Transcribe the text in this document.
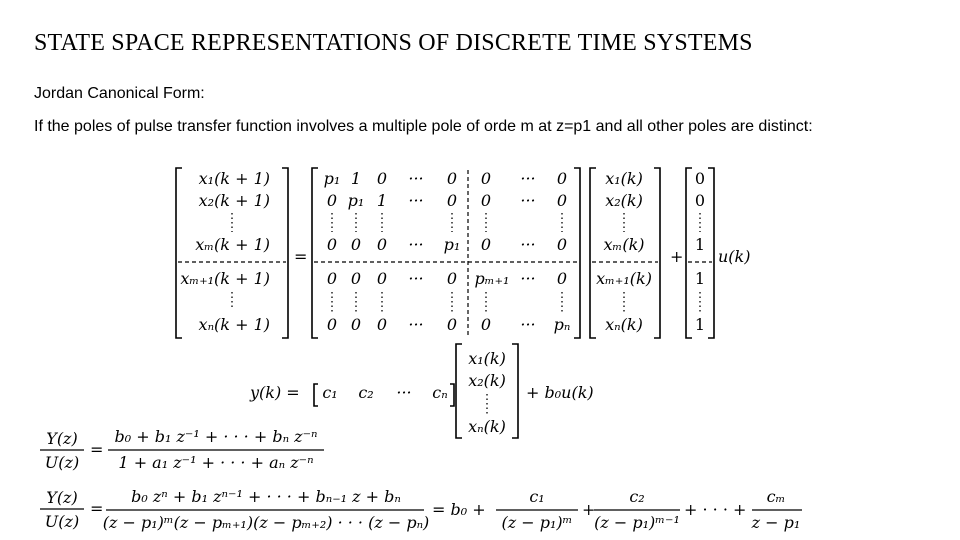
STATE SPACE REPRESENTATIONS OF DISCRETE TIME SYSTEMS
Jordan Canonical Form:
If the poles of pulse transfer function involves a multiple pole of orde m at z=p1 and all other poles are distinct:
x₁(k + 1)
x₂(k + 1)
xₘ(k + 1)
xₘ₊₁(k + 1)
xₙ(k + 1)
=
p₁ 1 0 ··· 0 0 ··· 0
0 p₁ 1 ··· 0 0 ··· 0
0 0 0 ··· p₁ 0 ··· 0
0 0 0 ··· 0 pₘ₊₁ ··· 0
0 0 0 ··· 0 0 ··· pₙ
x₁(k)
x₂(k)
xₘ(k)
xₘ₊₁(k)
xₙ(k)
+
0
0
1
1
1
u(k)
y(k) = c₁ c₂ ··· cₙ
x₁(k)
x₂(k)
xₙ(k)
+ b₀u(k)
Y(z)
U(z)
=
b₀ + b₁ z⁻¹ + · · · + bₙ z⁻ⁿ
1 + a₁ z⁻¹ + · · · + aₙ z⁻ⁿ
Y(z)
U(z)
=
b₀ zⁿ + b₁ zⁿ⁻¹ + · · · + bₙ₋₁ z + bₙ
(z − p₁)ᵐ(z − pₘ₊₁)(z − pₘ₊₂) · · · (z − pₙ)
= b₀ +
c₁
(z − p₁)ᵐ
+
c₂
(z − p₁)ᵐ⁻¹
+ · · · +
cₘ
z − p₁
